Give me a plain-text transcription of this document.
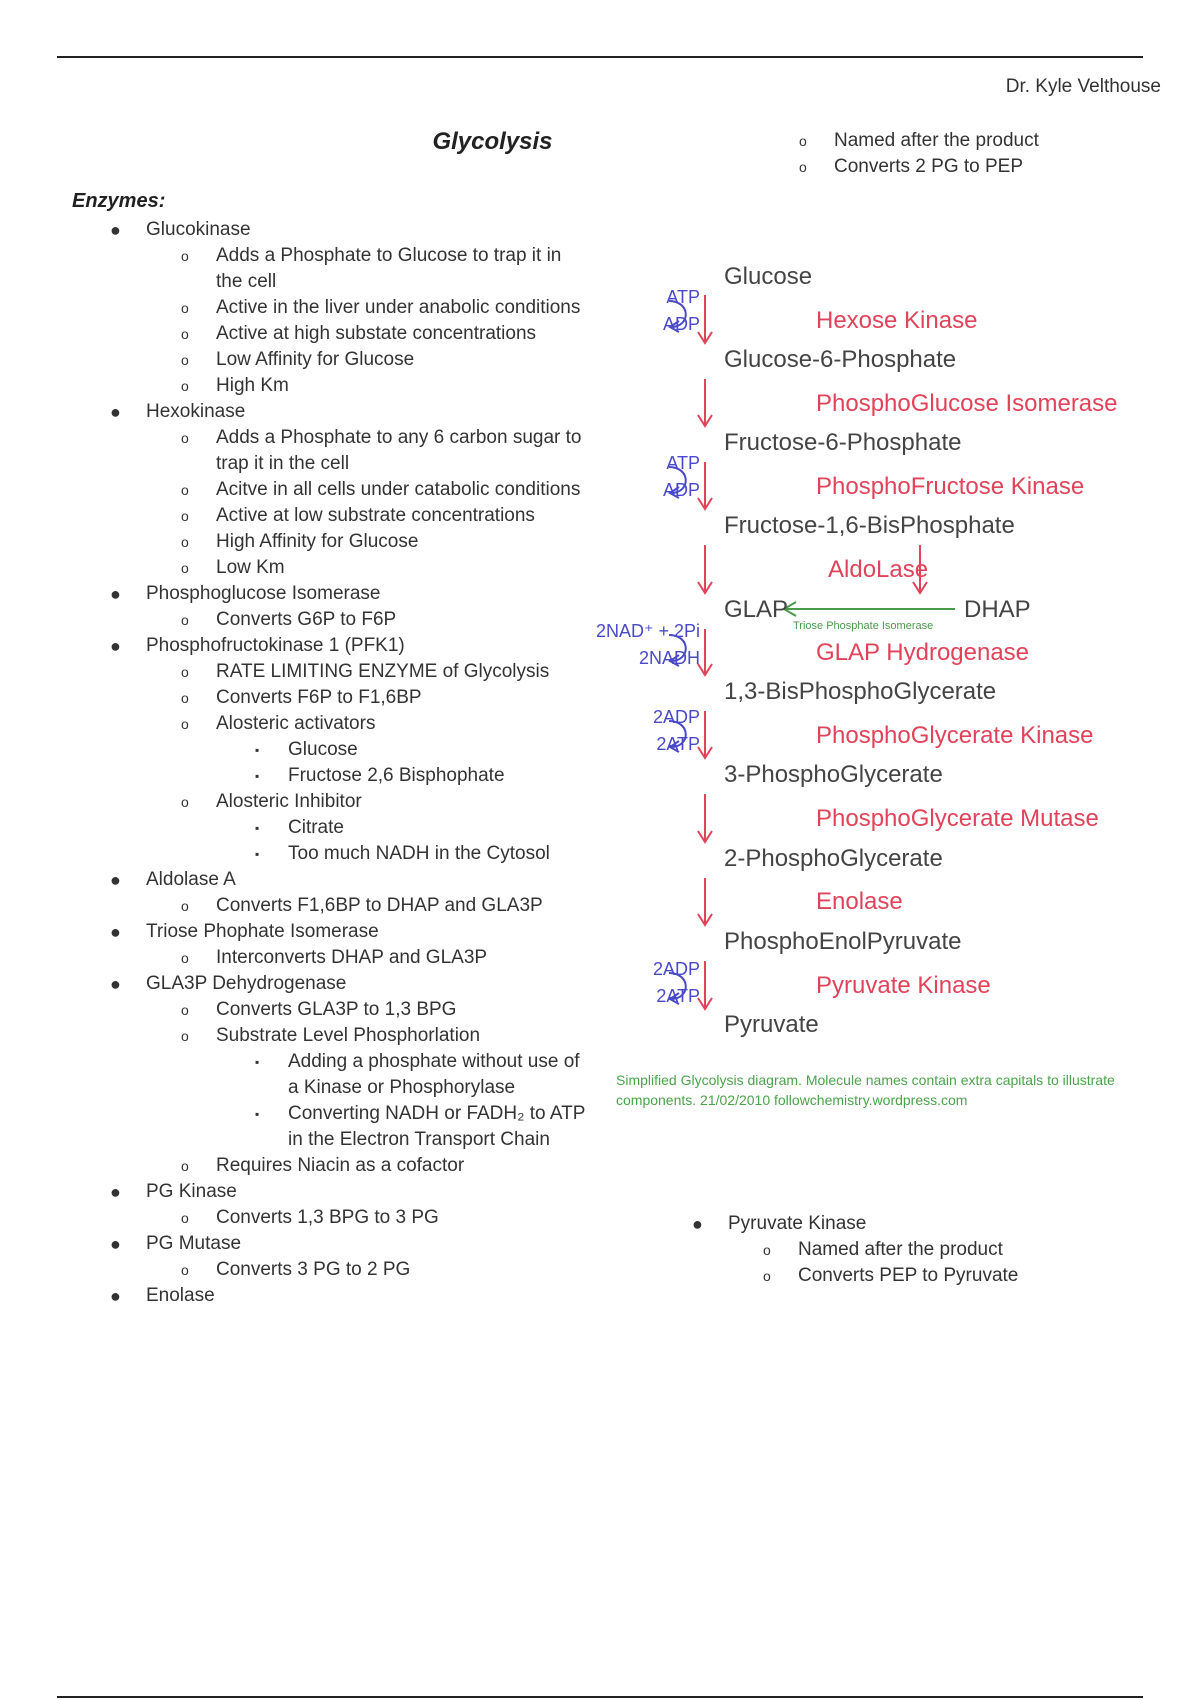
Dr. Kyle Velthouse
Glycolysis
Enzymes:
● Glucokinase
o Adds a Phosphate to Glucose to trap it in the cell
o Active in the liver under anabolic conditions
o Active at high substate concentrations
o Low Affinity for Glucose
o High Km
● Hexokinase
o Adds a Phosphate to any 6 carbon sugar to trap it in the cell
o Acitve in all cells under catabolic conditions
o Active at low substrate concentrations
o High Affinity for Glucose
o Low Km
● Phosphoglucose Isomerase
o Converts G6P to F6P
● Phosphofructokinase 1 (PFK1)
o RATE LIMITING ENZYME of Glycolysis
o Converts F6P to F1,6BP
o Alosteric activators
▪ Glucose
▪ Fructose 2,6 Bisphophate
o Alosteric Inhibitor
▪ Citrate
▪ Too much NADH in the Cytosol
● Aldolase A
o Converts F1,6BP to DHAP and GLA3P
● Triose Phophate Isomerase
o Interconverts DHAP and GLA3P
● GLA3P Dehydrogenase
o Converts GLA3P to 1,3 BPG
o Substrate Level Phosphorlation
▪ Adding a phosphate without use of a Kinase or Phosphorylase
▪ Converting NADH or FADH₂ to ATP in the Electron Transport Chain
o Requires Niacin as a cofactor
● PG Kinase
o Converts 1,3 BPG to 3 PG
● PG Mutase
o Converts 3 PG to 2 PG
● Enolase
o Named after the product
o Converts 2 PG to PEP
● Pyruvate Kinase
o Named after the product
o Converts PEP to Pyruvate
Glucose
Glucose-6-Phosphate
Fructose-6-Phosphate
Fructose-1,6-BisPhosphate
GLAP
1,3-BisPhosphoGlycerate
3-PhosphoGlycerate
2-PhosphoGlycerate
PhosphoEnolPyruvate
DHAP
Hexose Kinase
PhosphoGlucose Isomerase
PhosphoFructose Kinase
AldoLase
GLAP Hydrogenase
PhosphoGlycerate Kinase
PhosphoGlycerate Mutase
Enolase
Pyruvate Kinase
Triose Phosphate Isomerase
ATP
ADP
ATP
ADP
2NAD⁺ + 2Pi
2NADH
2ADP
2ATP
2ADP
2ATP
Pyruvate
Simplified Glycolysis diagram. Molecule names contain extra capitals to illustrate components. 21/02/2010 followchemistry.wordpress.com
